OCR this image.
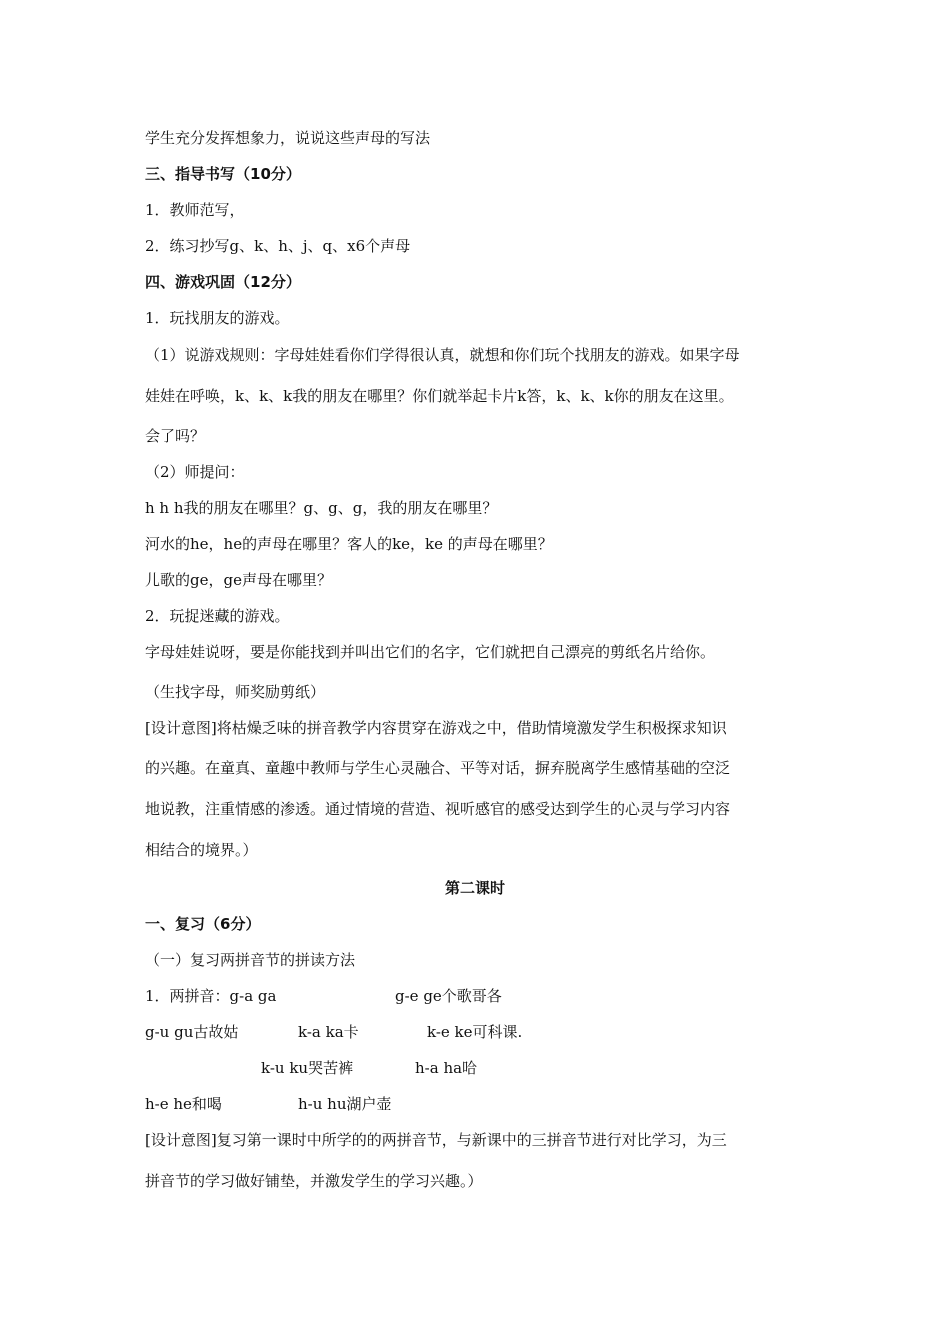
学生充分发挥想象力，说说这些声母的写法
三、指导书写（10分）
1．教师范写，
2．练习抄写g、k、h、j、q、x6个声母
四、游戏巩固（12分）
1．玩找朋友的游戏。
（1）说游戏规则：字母娃娃看你们学得很认真，就想和你们玩个找朋友的游戏。如果字母
娃娃在呼唤，k、k、k我的朋友在哪里？你们就举起卡片k答，k、k、k你的朋友在这里。
会了吗？
（2）师提问：
h h h我的朋友在哪里？g、g、g，我的朋友在哪里？
河水的he，he的声母在哪里？客人的ke，ke 的声母在哪里？
儿歌的ge，ge声母在哪里？
2．玩捉迷藏的游戏。
字母娃娃说呀，要是你能找到并叫出它们的名字，它们就把自己漂亮的剪纸名片给你。
（生找字母，师奖励剪纸）
[设计意图]将枯燥乏味的拼音教学内容贯穿在游戏之中，借助情境激发学生积极探求知识
的兴趣。在童真、童趣中教师与学生心灵融合、平等对话，摒弃脱离学生感情基础的空泛
地说教，注重情感的渗透。通过情境的营造、视听感官的感受达到学生的心灵与学习内容
相结合的境界。）
第二课时
一、复习（6分）
（一）复习两拼音节的拼读方法
1．两拼音：g-a ga	g-e ge个歌哥各
g-u gu古故姑	k-a ka卡	k-e ke可科课.
k-u ku哭苦裤	h-a ha哈
h-e he和喝	h-u hu湖户壶
[设计意图]复习第一课时中所学的的两拼音节，与新课中的三拼音节进行对比学习，为三
拼音节的学习做好铺垫，并激发学生的学习兴趣。）
